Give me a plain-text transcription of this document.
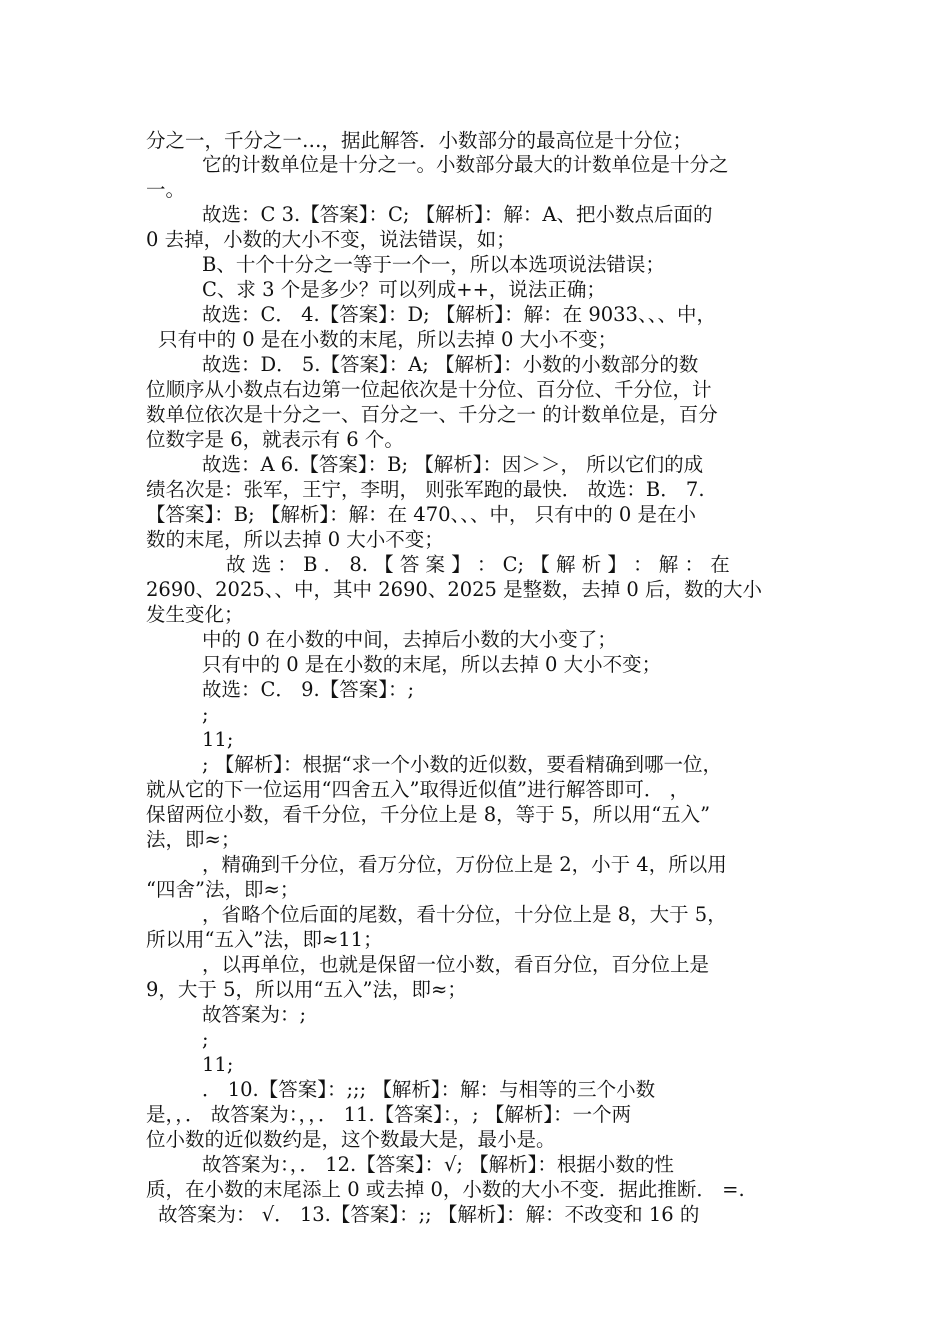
分之一，千分之一…，据此解答．小数部分的最高位是十分位；
它的计数单位是十分之一。小数部分最大的计数单位是十分之
一。
故选：C 3.【答案】：C; 【解析】：解：A、把小数点后面的
0 去掉，小数的大小不变，说法错误，如；
B、十个十分之一等于一个一，所以本选项说法错误；
C、求 3 个是多少？可以列成++，说法正确；
故选：C． 4.【答案】：D; 【解析】：解：在 9033、、、中，
只有中的 0 是在小数的末尾，所以去掉 0 大小不变；
故选：D． 5.【答案】：A; 【解析】：小数的小数部分的数
位顺序从小数点右边第一位起依次是十分位、百分位、千分位，计
数单位依次是十分之一、百分之一、千分之一 的计数单位是，百分
位数字是 6，就表示有 6 个。
故选：A 6.【答案】：B; 【解析】：因＞＞， 所以它们的成
绩名次是：张军，王宁，李明， 则张军跑的最快． 故选：B． 7.
【答案】：B; 【解析】：解：在 470、、、中， 只有中的 0 是在小
数的末尾，所以去掉 0 大小不变；
故 选 ： B ． 8. 【 答 案 】 ： C; 【 解 析 】 ： 解 ： 在
2690、2025、、中，其中 2690、2025 是整数，去掉 0 后，数的大小
发生变化；
中的 0 在小数的中间，去掉后小数的大小变了；
只有中的 0 是在小数的末尾，所以去掉 0 大小不变；
故选：C． 9.【答案】：;
;
11;
; 【解析】：根据“求一个小数的近似数，要看精确到哪一位，
就从它的下一位运用“四舍五入”取得近似值”进行解答即可． ，
保留两位小数，看千分位，千分位上是 8，等于 5，所以用“五入”
法，即≈；
，精确到千分位，看万分位，万份位上是 2，小于 4，所以用
“四舍”法，即≈；
，省略个位后面的尾数，看十分位，十分位上是 8，大于 5，
所以用“五入”法，即≈11；
，以再单位，也就是保留一位小数，看百分位，百分位上是
9，大于 5，所以用“五入”法，即≈；
故答案为：;
;
11;
． 10.【答案】：;;; 【解析】：解：与相等的三个小数
是，，． 故答案为：，，． 11.【答案】：，; 【解析】：一个两
位小数的近似数约是，这个数最大是，最小是。
故答案为：，． 12.【答案】：√; 【解析】：根据小数的性
质，在小数的末尾添上 0 或去掉 0，小数的大小不变．据此推断． =.
故答案为： √． 13.【答案】：;; 【解析】：解：不改变和 16 的
